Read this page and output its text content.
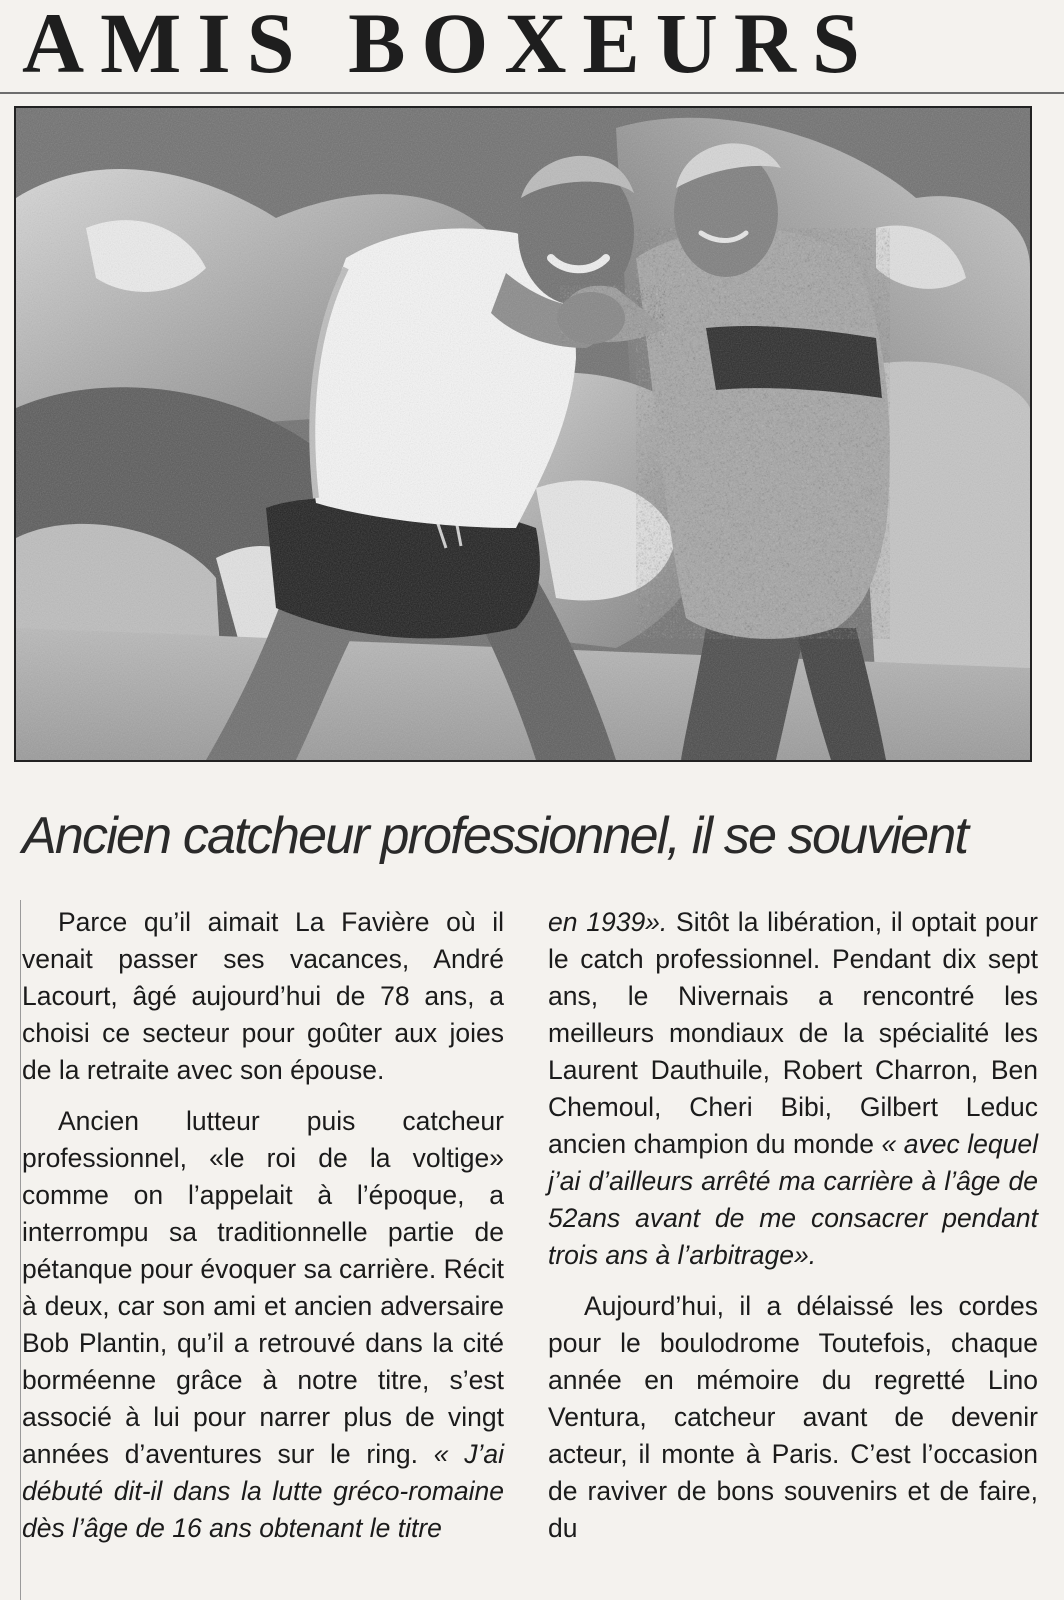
AMIS BOXEURS
Ancien catcheur professionnel, il se souvient

Parce qu’il aimait La Favière où il venait passer ses vacances, André Lacourt, âgé aujourd’hui de 78 ans, a choisi ce secteur pour goûter aux joies de la retraite avec son épouse.

Ancien lutteur puis catcheur professionnel, «le roi de la voltige» comme on l’appelait à l’époque, a interrompu sa traditionnelle partie de pétanque pour évoquer sa carrière. Récit à deux, car son ami et ancien adversaire Bob Plantin, qu’il a retrouvé dans la cité borméenne grâce à notre titre, s’est associé à lui pour narrer plus de vingt années d’aventures sur le ring. « J’ai débuté dit-il dans la lutte gréco-romaine dès l’âge de 16 ans obtenant le titre

en 1939». Sitôt la libération, il optait pour le catch professionnel. Pendant dix sept ans, le Nivernais a rencontré les meilleurs mondiaux de la spécialité les Laurent Dauthuile, Robert Charron, Ben Chemoul, Cheri Bibi, Gilbert Leduc ancien champion du monde « avec lequel j’ai d’ailleurs arrêté ma carrière à l’âge de 52ans avant de me consacrer pendant trois ans à l’arbitrage».

Aujourd’hui, il a délaissé les cordes pour le boulodrome Toutefois, chaque année en mémoire du regretté Lino Ventura, catcheur avant de devenir acteur, il monte à Paris. C’est l’occasion de raviver de bons souvenirs et de faire, du
